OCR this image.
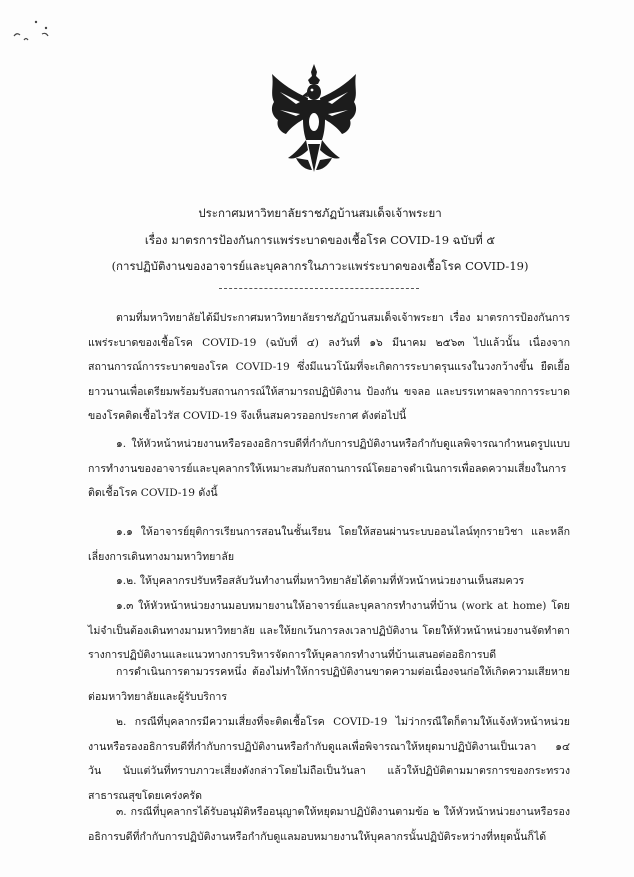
ประกาศมหาวิทยาลัยราชภัฏบ้านสมเด็จเจ้าพระยา
เรื่อง มาตรการป้องกันการแพร่ระบาดของเชื้อโรค COVID-19 ฉบับที่ ๕
(การปฏิบัติงานของอาจารย์และบุคลากรในภาวะแพร่ระบาดของเชื้อโรค COVID-19)

ตามที่มหาวิทยาลัยได้มีประกาศมหาวิทยาลัยราชภัฏบ้านสมเด็จเจ้าพระยา เรื่อง มาตรการป้องกันการแพร่ระบาดของเชื้อโรค COVID-19 (ฉบับที่ ๔) ลงวันที่ ๑๖ มีนาคม ๒๕๖๓ ไปแล้วนั้น เนื่องจากสถานการณ์การระบาดของโรค COVID-19 ซึ่งมีแนวโน้มที่จะเกิดการระบาดรุนแรงในวงกว้างขึ้น ยืดเยื้อยาวนานเพื่อเตรียมพร้อมรับสถานการณ์ให้สามารถปฏิบัติงาน ป้องกัน ขจลอ และบรรเทาผลจากการระบาดของโรคติดเชื้อไวรัส COVID-19 จึงเห็นสมควรออกประกาศ ดังต่อไปนี้

๑. ให้หัวหน้าหน่วยงานหรือรองอธิการบดีที่กำกับการปฏิบัติงานหรือกำกับดูแลพิจารณากำหนดรูปแบบการทำงานของอาจารย์และบุคลากรให้เหมาะสมกับสถานการณ์โดยอาจดำเนินการเพื่อลดความเสี่ยงในการติดเชื้อโรค COVID-19 ดังนี้

๑.๑ ให้อาจารย์ยุติการเรียนการสอนในชั้นเรียน โดยให้สอนผ่านระบบออนไลน์ทุกรายวิชา และหลีกเลี่ยงการเดินทางมามหาวิทยาลัย

๑.๒. ให้บุคลากรปรับหรือสลับวันทำงานที่มหาวิทยาลัยได้ตามที่หัวหน้าหน่วยงานเห็นสมควร

๑.๓ ให้หัวหน้าหน่วยงานมอบหมายงานให้อาจารย์และบุคลากรทำงานที่บ้าน (work at home) โดยไม่จำเป็นต้องเดินทางมามหาวิทยาลัย และให้ยกเว้นการลงเวลาปฏิบัติงาน โดยให้หัวหน้าหน่วยงานจัดทำตารางการปฏิบัติงานและแนวทางการบริหารจัดการให้บุคลากรทำงานที่บ้านเสนอต่ออธิการบดี

การดำเนินการตามวรรคหนึ่ง ต้องไม่ทำให้การปฏิบัติงานขาดความต่อเนื่องจนก่อให้เกิดความเสียหายต่อมหาวิทยาลัยและผู้รับบริการ

๒. กรณีที่บุคลากรมีความเสี่ยงที่จะติดเชื้อโรค COVID-19 ไม่ว่ากรณีใดก็ตามให้แจ้งหัวหน้าหน่วยงานหรือรองอธิการบดีที่กำกับการปฏิบัติงานหรือกำกับดูแลเพื่อพิจารณาให้หยุดมาปฏิบัติงานเป็นเวลา ๑๔ วัน นับแต่วันที่ทราบภาวะเสี่ยงดังกล่าวโดยไม่ถือเป็นวันลา แล้วให้ปฏิบัติตามมาตรการของกระทรวงสาธารณสุขโดยเคร่งครัด

๓. กรณีที่บุคลากรได้รับอนุมัติหรืออนุญาตให้หยุดมาปฏิบัติงานตามข้อ ๒ ให้หัวหน้าหน่วยงานหรือรองอธิการบดีที่กำกับการปฏิบัติงานหรือกำกับดูแลมอบหมายงานให้บุคลากรนั้นปฏิบัติระหว่างที่หยุดนั้นก็ได้
